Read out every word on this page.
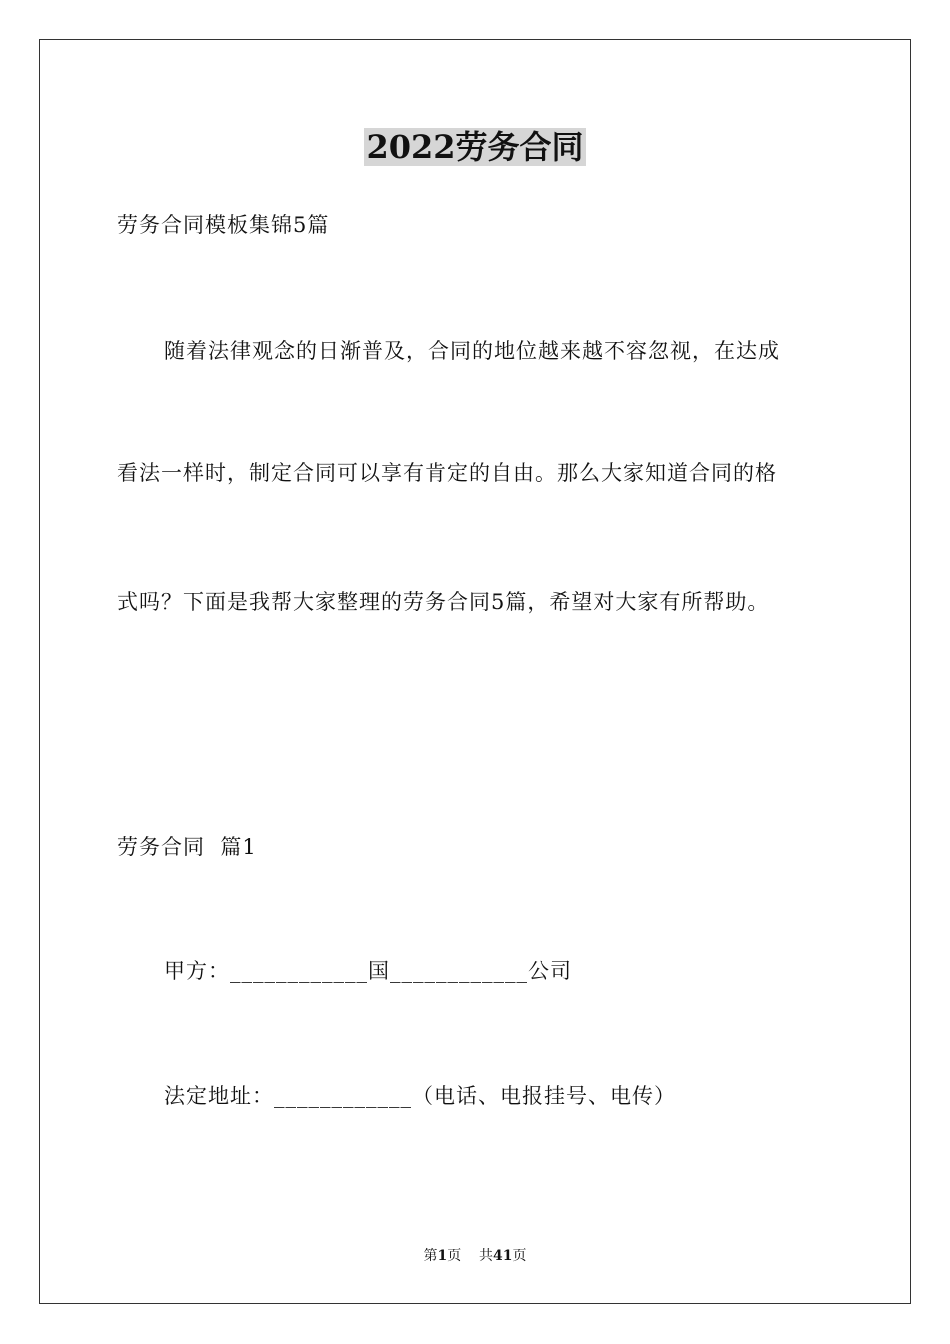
2022劳务合同
劳务合同模板集锦5篇
随着法律观念的日渐普及，合同的地位越来越不容忽视，在达成
看法一样时，制定合同可以享有肯定的自由。那么大家知道合同的格
式吗？下面是我帮大家整理的劳务合同5篇，希望对大家有所帮助。
劳务合同  篇1
甲方：____________国____________公司
法定地址：____________（电话、电报挂号、电传）
第1页    共41页
